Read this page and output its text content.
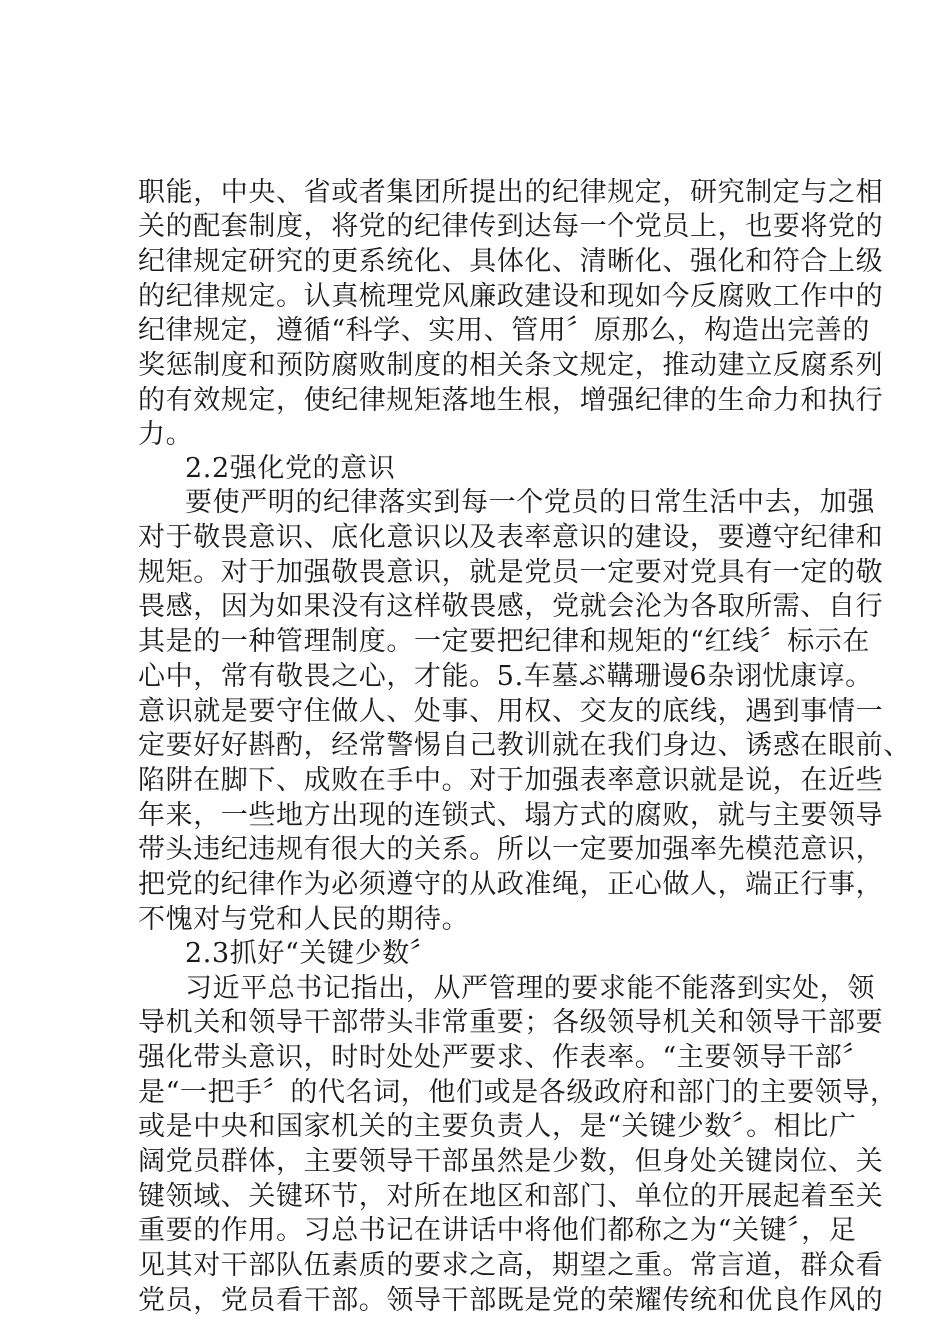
职能，中央、省或者集团所提出的纪律规定，研究制定与之相
关的配套制度，将党的纪律传到达每一个党员上，也要将党的
纪律规定研究的更系统化、具体化、清晰化、强化和符合上级
的纪律规定。认真梳理党风廉政建设和现如今反腐败工作中的
纪律规定，遵循“科学、实用、管用〞原那么，构造出完善的
奖惩制度和预防腐败制度的相关条文规定，推动建立反腐系列
的有效规定，使纪律规矩落地生根，增强纪律的生命力和执行
力。
2.2强化党的意识
要使严明的纪律落实到每一个党员的日常生活中去，加强
对于敬畏意识、底化意识以及表率意识的建设，要遵守纪律和
规矩。对于加强敬畏意识，就是党员一定要对党具有一定的敬
畏感，因为如果没有这样敬畏感，党就会沦为各取所需、自行
其是的一种管理制度。一定要把纪律和规矩的“红线〞标示在
心中，常有敬畏之心，才能。5.车墓ぶ鞲珊谩6杂诩忧康谆。
意识就是要守住做人、处事、用权、交友的底线，遇到事情一
定要好好斟酌，经常警惕自己教训就在我们身边、诱惑在眼前、
陷阱在脚下、成败在手中。对于加强表率意识就是说，在近些
年来，一些地方出现的连锁式、塌方式的腐败，就与主要领导
带头违纪违规有很大的关系。所以一定要加强率先模范意识，
把党的纪律作为必须遵守的从政准绳，正心做人，端正行事，
不愧对与党和人民的期待。
2.3抓好“关键少数〞
习近平总书记指出，从严管理的要求能不能落到实处，领
导机关和领导干部带头非常重要；各级领导机关和领导干部要
强化带头意识，时时处处严要求、作表率。“主要领导干部〞
是“一把手〞的代名词，他们或是各级政府和部门的主要领导，
或是中央和国家机关的主要负责人，是“关键少数〞。相比广
阔党员群体，主要领导干部虽然是少数，但身处关键岗位、关
键领域、关键环节，对所在地区和部门、单位的开展起着至关
重要的作用。习总书记在讲话中将他们都称之为“关键〞，足
见其对干部队伍素质的要求之高，期望之重。常言道，群众看
党员，党员看干部。领导干部既是党的荣耀传统和优良作风的
